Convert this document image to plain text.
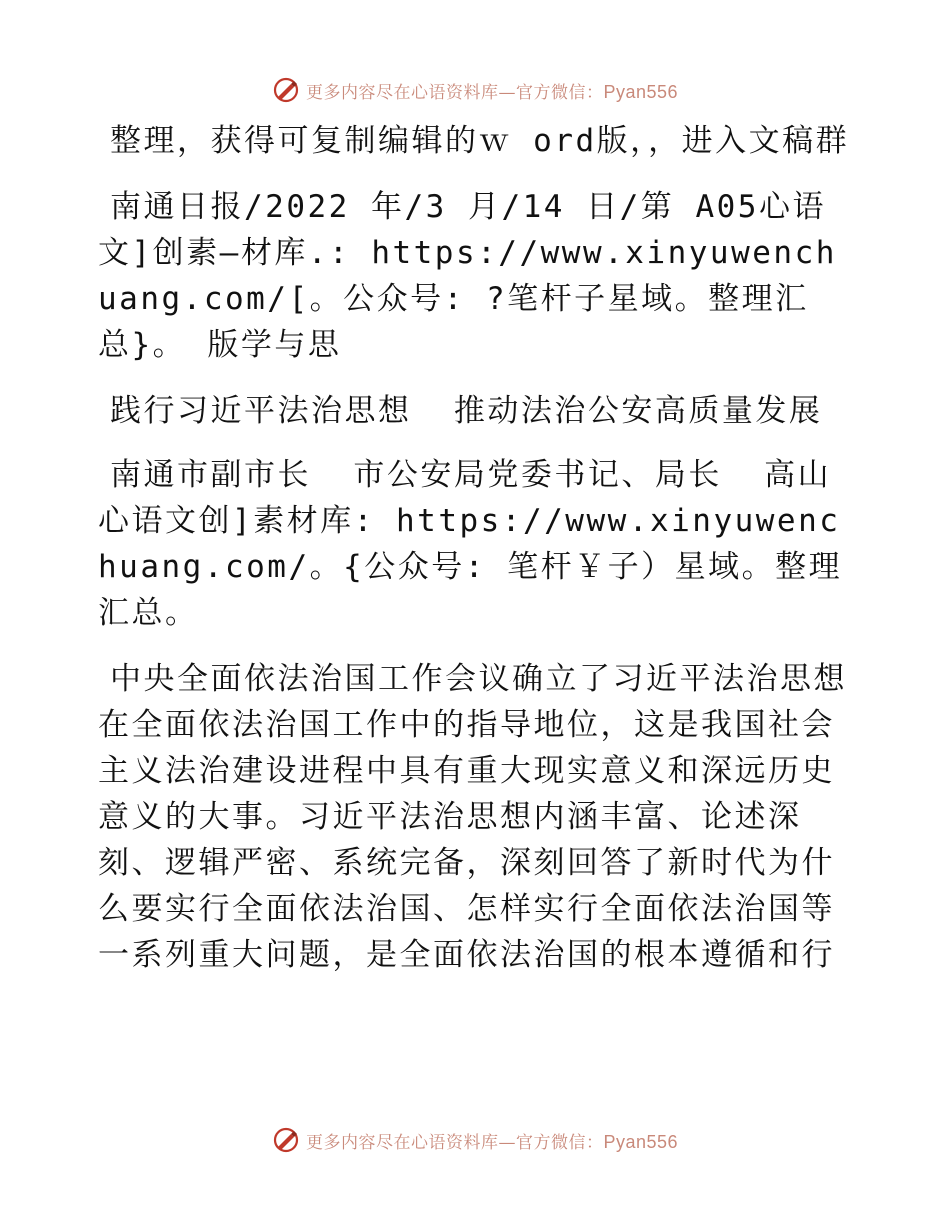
更多内容尽在心语资料库—官方微信：Pyan556

整理，获得可复制编辑的ｗ ord版，，进入文稿群

南通日报/2022 年/3 月/14 日/第 A05心语文]创素—材库.: https://www.xinyuwenchuang.com/[。公众号: ?笔杆子星域。整理汇总}。 版学与思

践行习近平法治思想  推动法治公安高质量发展

南通市副市长  市公安局党委书记、局长  高山心语文创]素材库: https://www.xinyuwenchuang.com/。{公众号: 笔杆￥子）星域。整理汇总。

中央全面依法治国工作会议确立了习近平法治思想在全面依法治国工作中的指导地位，这是我国社会主义法治建设进程中具有重大现实意义和深远历史意义的大事。习近平法治思想内涵丰富、论述深刻、逻辑严密、系统完备，深刻回答了新时代为什么要实行全面依法治国、怎样实行全面依法治国等一系列重大问题，是全面依法治国的根本遵循和行

更多内容尽在心语资料库—官方微信：Pyan556
